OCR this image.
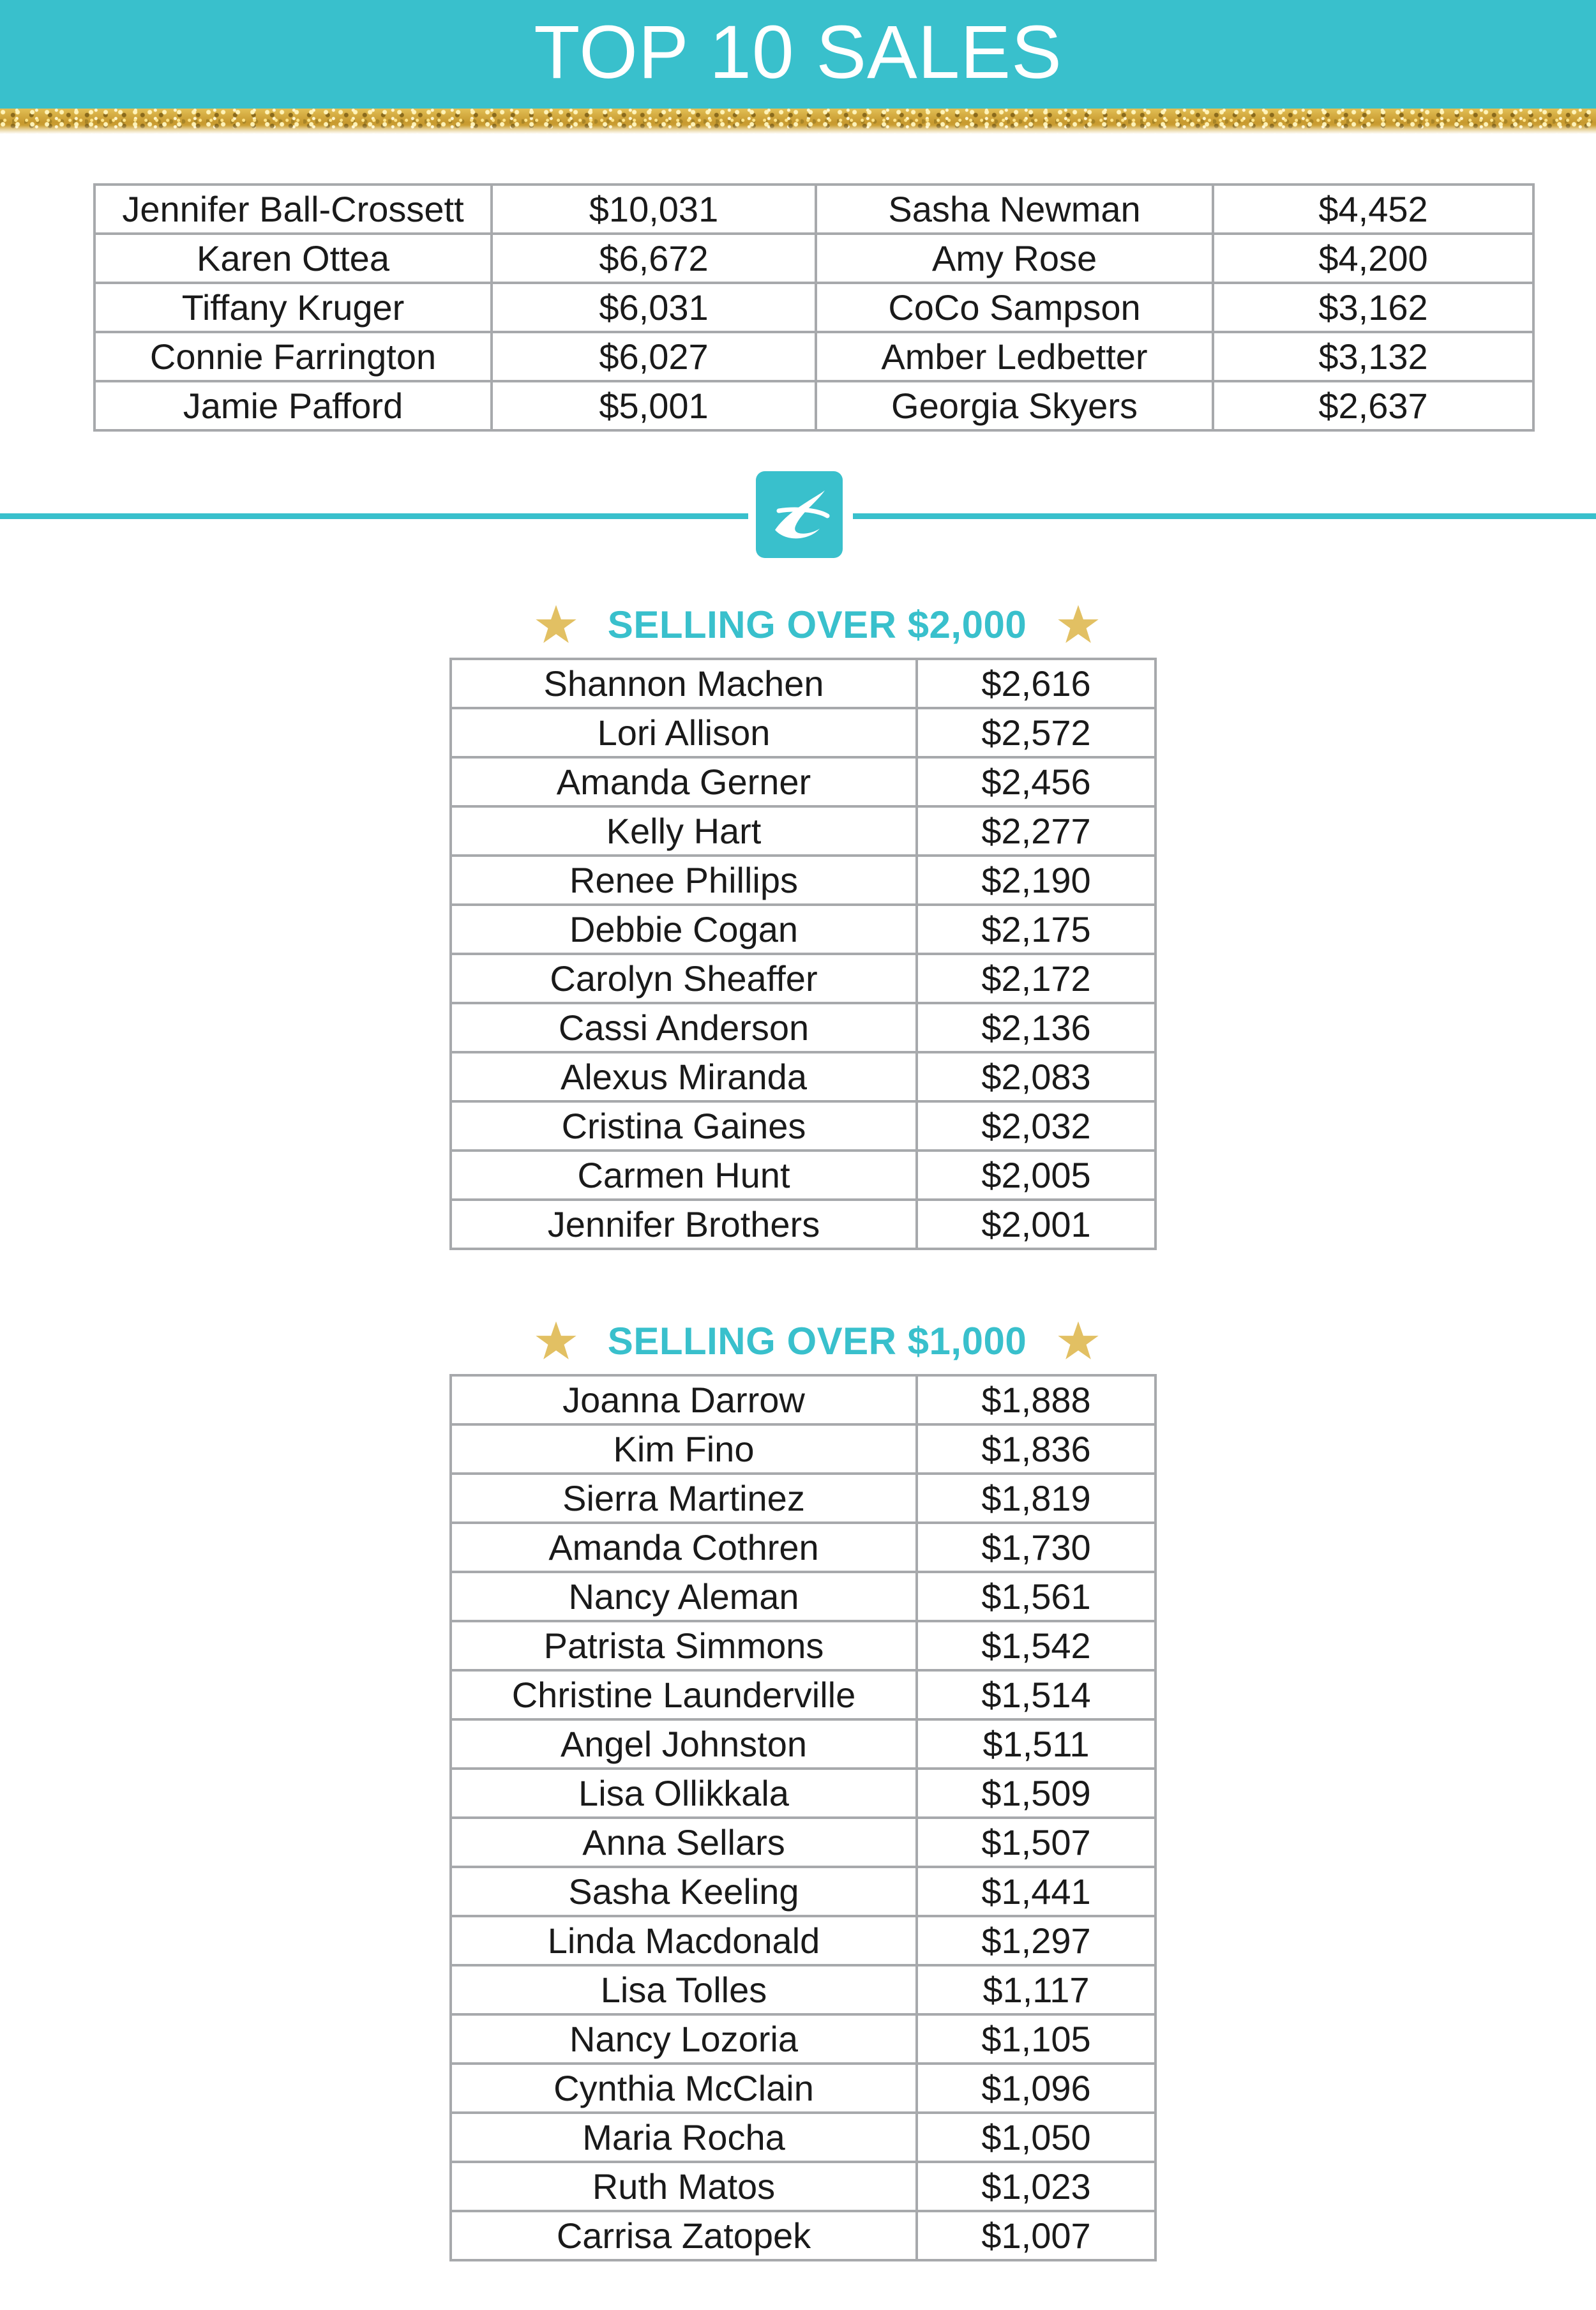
TOP 10 SALES
Jennifer Ball-Crossett	$10,031	Sasha Newman	$4,452
Karen Ottea	$6,672	Amy Rose	$4,200
Tiffany Kruger	$6,031	CoCo Sampson	$3,162
Connie Farrington	$6,027	Amber Ledbetter	$3,132
Jamie Pafford	$5,001	Georgia Skyers	$2,637
SELLING OVER $2,000
Shannon Machen	$2,616
Lori Allison	$2,572
Amanda Gerner	$2,456
Kelly Hart	$2,277
Renee Phillips	$2,190
Debbie Cogan	$2,175
Carolyn Sheaffer	$2,172
Cassi Anderson	$2,136
Alexus Miranda	$2,083
Cristina Gaines	$2,032
Carmen Hunt	$2,005
Jennifer Brothers	$2,001
SELLING OVER $1,000
Joanna Darrow	$1,888
Kim Fino	$1,836
Sierra Martinez	$1,819
Amanda Cothren	$1,730
Nancy Aleman	$1,561
Patrista Simmons	$1,542
Christine Launderville	$1,514
Angel Johnston	$1,511
Lisa Ollikkala	$1,509
Anna Sellars	$1,507
Sasha Keeling	$1,441
Linda Macdonald	$1,297
Lisa Tolles	$1,117
Nancy Lozoria	$1,105
Cynthia McClain	$1,096
Maria Rocha	$1,050
Ruth Matos	$1,023
Carrisa Zatopek	$1,007
